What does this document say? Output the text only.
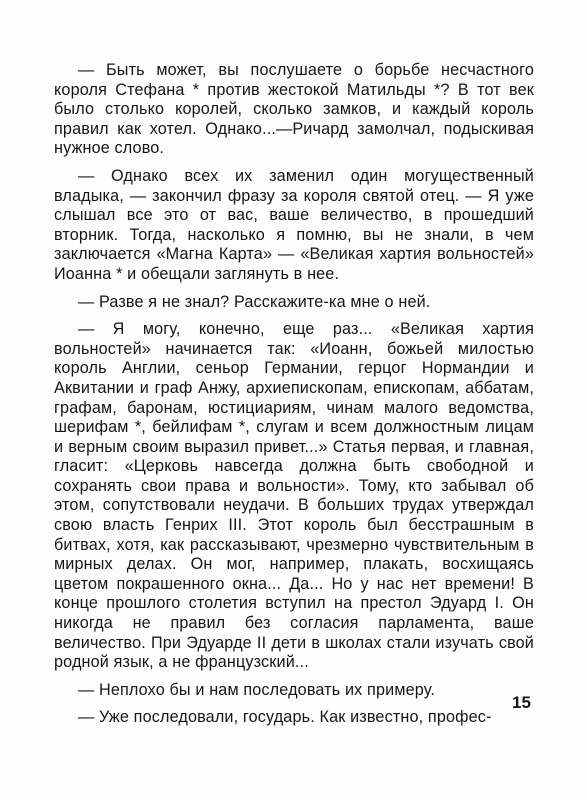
— Быть может, вы послушаете о борьбе несчастного короля Стефана * против жестокой Матильды *? В тот век было столько королей, сколько замков, и каждый король правил как хотел. Однако...—Ричард замолчал, подыскивая нужное слово.

— Однако всех их заменил один могущественный владыка, — закончил фразу за короля святой отец. — Я уже слышал все это от вас, ваше величество, в прошедший вторник. Тогда, насколько я помню, вы не знали, в чем заключается «Магна Карта» — «Великая хартия вольностей» Иоанна * и обещали заглянуть в нее.

— Разве я не знал? Расскажите-ка мне о ней.

— Я могу, конечно, еще раз... «Великая хартия вольностей» начинается так: «Иоанн, божьей милостью король Англии, сеньор Германии, герцог Нормандии и Аквитании и граф Анжу, архиепископам, епископам, аббатам, графам, баронам, юстициариям, чинам малого ведомства, шерифам *, бейлифам *, слугам и всем должностным лицам и верным своим выразил привет...» Статья первая, и главная, гласит: «Церковь навсегда должна быть свободной и сохранять свои права и вольности». Тому, кто забывал об этом, сопутствовали неудачи. В больших трудах утверждал свою власть Генрих III. Этот король был бесстрашным в битвах, хотя, как рассказывают, чрезмерно чувствительным в мирных делах. Он мог, например, плакать, восхищаясь цветом покрашенного окна... Да... Но у нас нет времени! В конце прошлого столетия вступил на престол Эдуард I. Он никогда не правил без согласия парламента, ваше величество. При Эдуарде II дети в школах стали изучать свой родной язык, а не французский...

— Неплохо бы и нам последовать их примеру.

— Уже последовали, государь. Как известно, профес-

15
